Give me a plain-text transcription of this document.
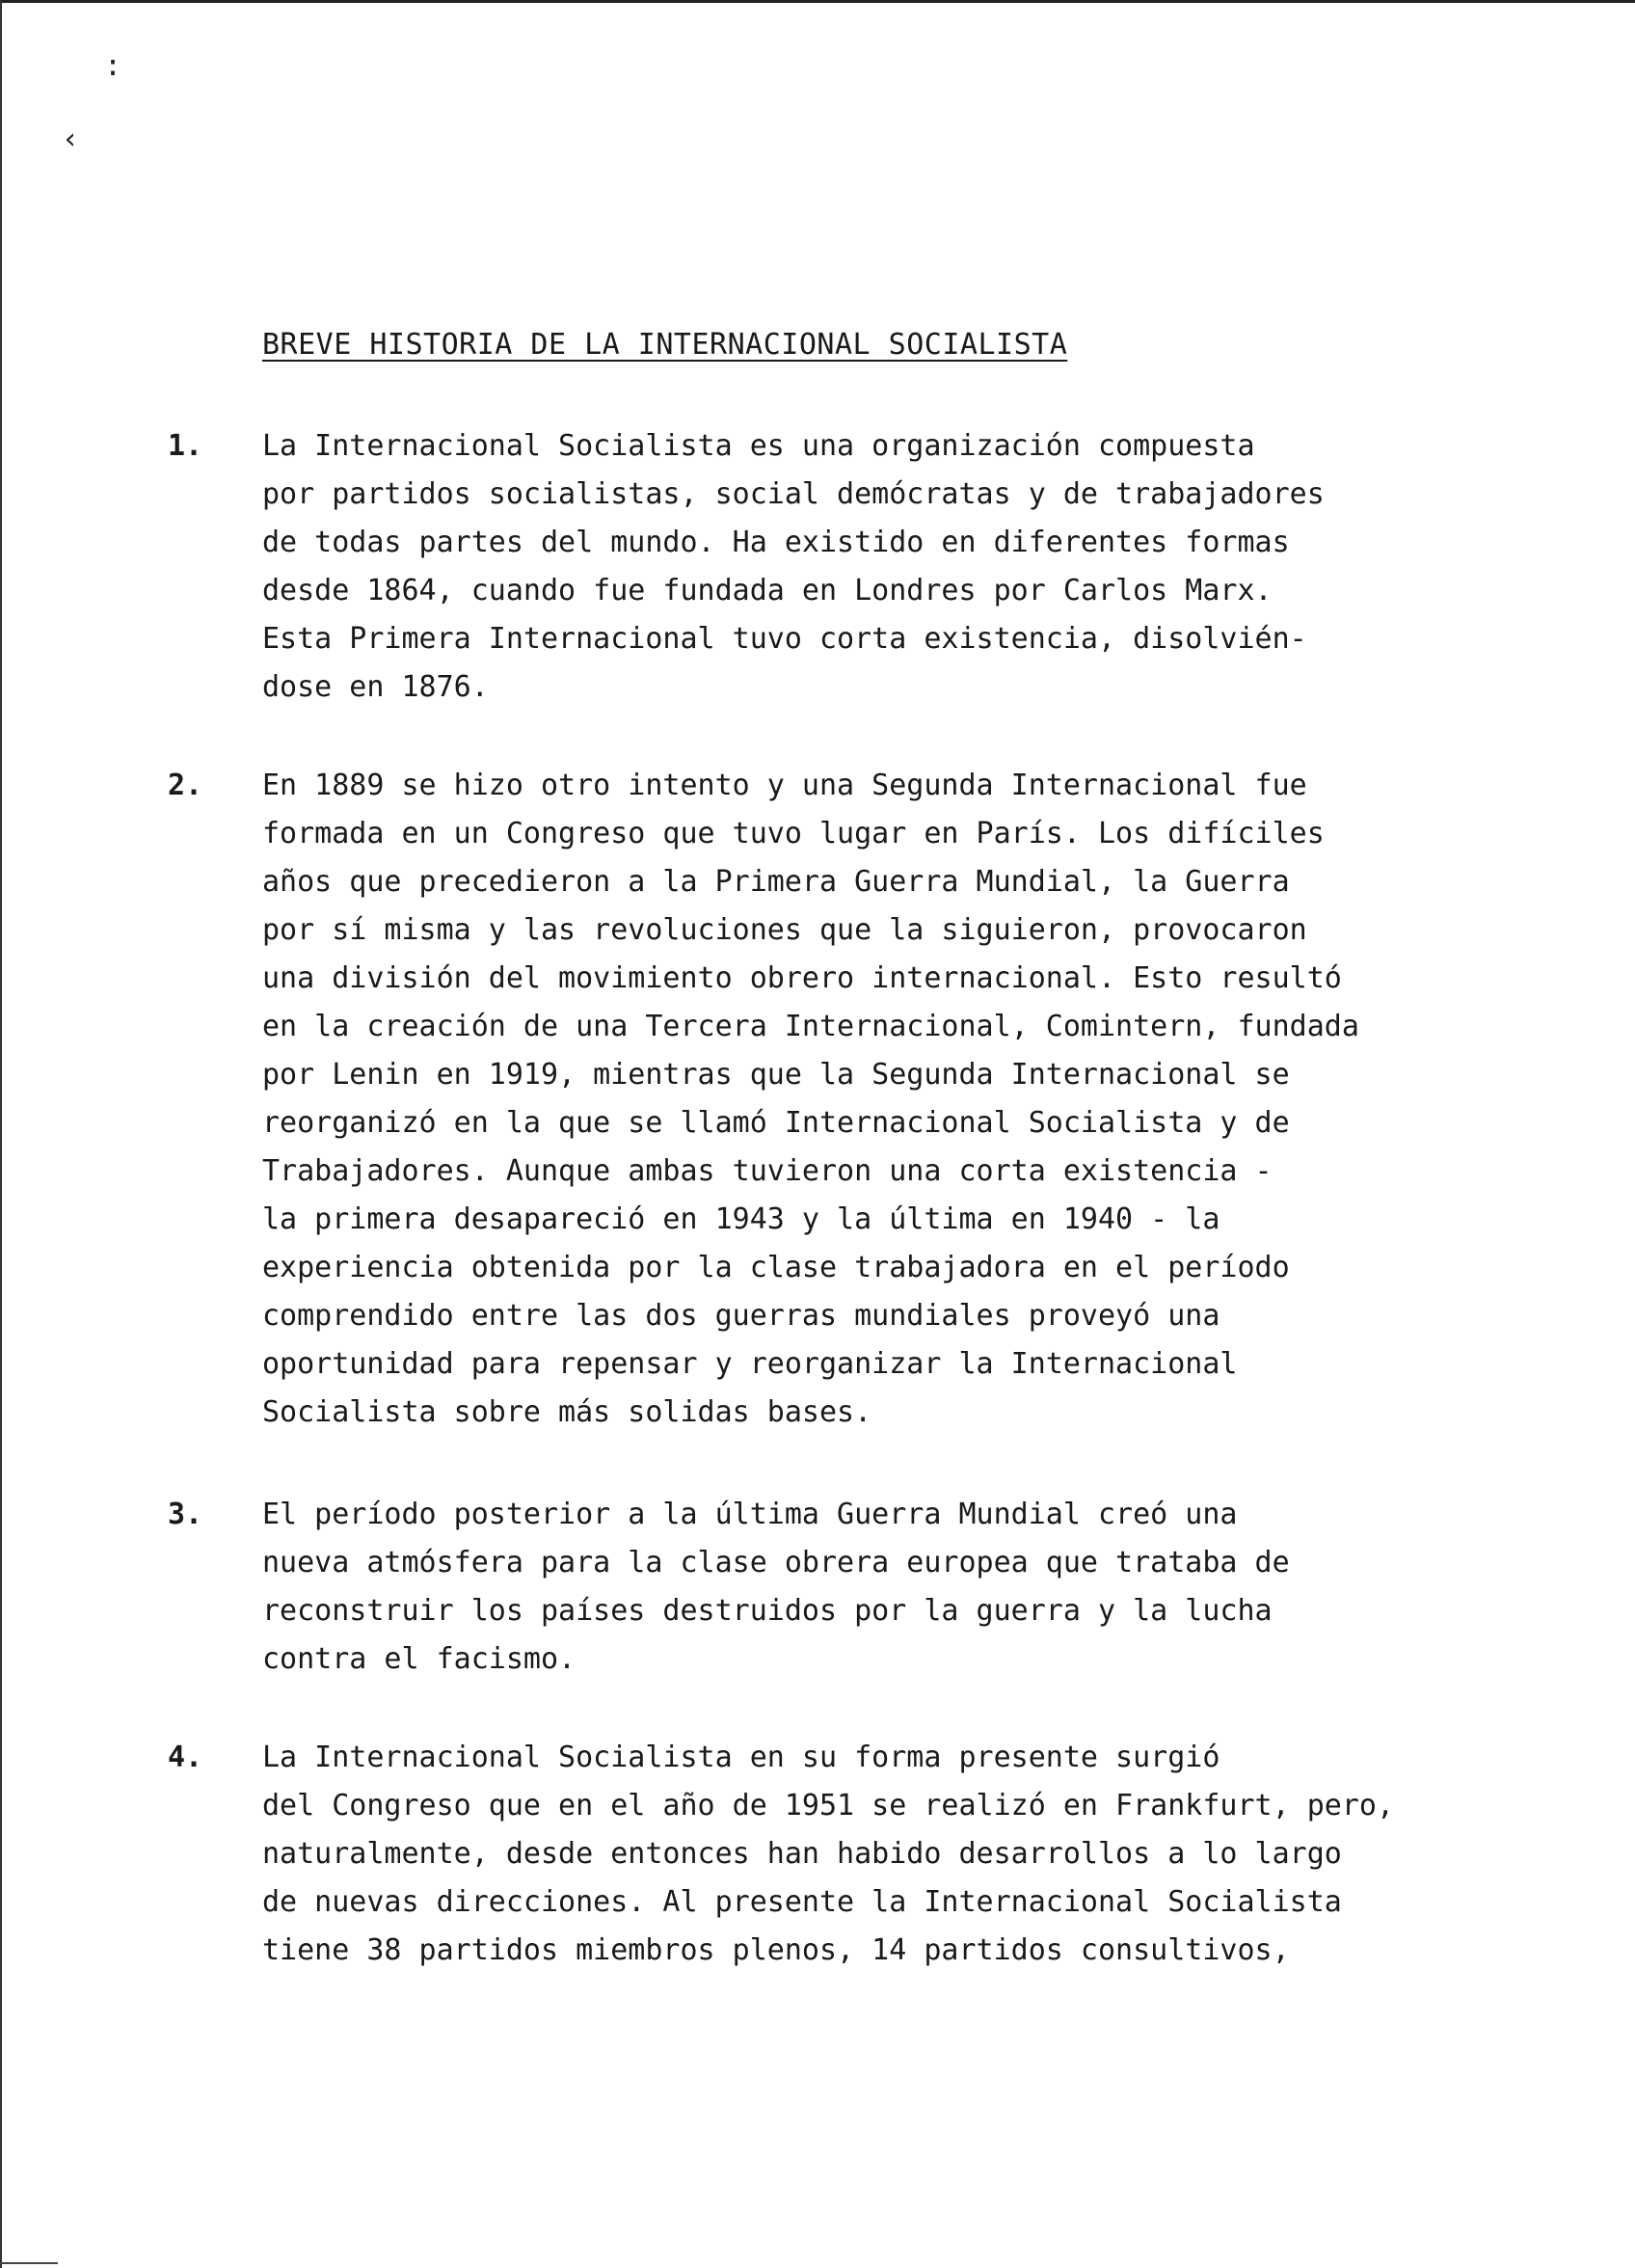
:
‹
BREVE HISTORIA DE LA INTERNACIONAL SOCIALISTA
1. La Internacional Socialista es una organización compuesta
por partidos socialistas, social demócratas y de trabajadores
de todas partes del mundo. Ha existido en diferentes formas
desde 1864, cuando fue fundada en Londres por Carlos Marx.
Esta Primera Internacional tuvo corta existencia, disolvién-
dose en 1876.
2. En 1889 se hizo otro intento y una Segunda Internacional fue
formada en un Congreso que tuvo lugar en París. Los difíciles
años que precedieron a la Primera Guerra Mundial, la Guerra
por sí misma y las revoluciones que la siguieron, provocaron
una división del movimiento obrero internacional. Esto resultó
en la creación de una Tercera Internacional, Comintern, fundada
por Lenin en 1919, mientras que la Segunda Internacional se
reorganizó en la que se llamó Internacional Socialista y de
Trabajadores. Aunque ambas tuvieron una corta existencia -
la primera desapareció en 1943 y la última en 1940 - la
experiencia obtenida por la clase trabajadora en el período
comprendido entre las dos guerras mundiales proveyó una
oportunidad para repensar y reorganizar la Internacional
Socialista sobre más solidas bases.
3. El período posterior a la última Guerra Mundial creó una
nueva atmósfera para la clase obrera europea que trataba de
reconstruir los países destruidos por la guerra y la lucha
contra el facismo.
4. La Internacional Socialista en su forma presente surgió
del Congreso que en el año de 1951 se realizó en Frankfurt, pero,
naturalmente, desde entonces han habido desarrollos a lo largo
de nuevas direcciones. Al presente la Internacional Socialista
tiene 38 partidos miembros plenos, 14 partidos consultivos,
